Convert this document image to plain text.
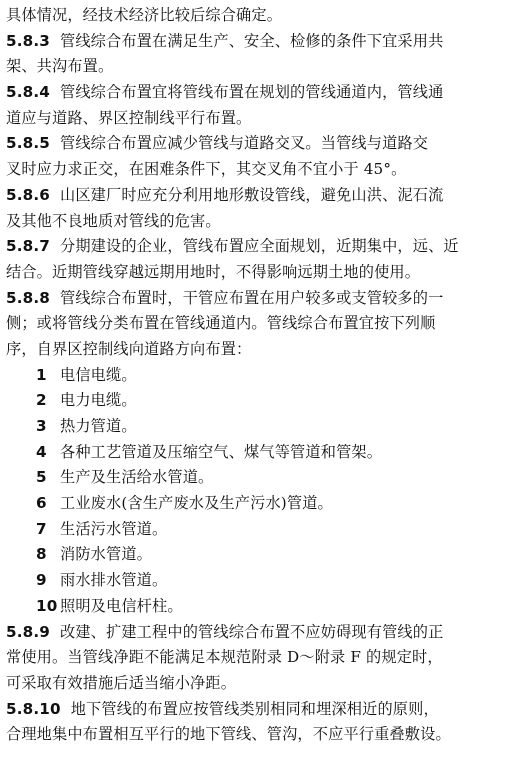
具体情况，经技术经济比较后综合确定。
5.8.3 管线综合布置在满足生产、安全、检修的条件下宜采用共
架、共沟布置。
5.8.4 管线综合布置宜将管线布置在规划的管线通道内，管线通
道应与道路、界区控制线平行布置。
5.8.5 管线综合布置应减少管线与道路交叉。当管线与道路交
叉时应力求正交，在困难条件下，其交叉角不宜小于 45°。
5.8.6 山区建厂时应充分利用地形敷设管线，避免山洪、泥石流
及其他不良地质对管线的危害。
5.8.7 分期建设的企业，管线布置应全面规划，近期集中，远、近
结合。近期管线穿越远期用地时，不得影响远期土地的使用。
5.8.8 管线综合布置时，干管应布置在用户较多或支管较多的一
侧；或将管线分类布置在管线通道内。管线综合布置宜按下列顺
序，自界区控制线向道路方向布置：
1 电信电缆。
2 电力电缆。
3 热力管道。
4 各种工艺管道及压缩空气、煤气等管道和管架。
5 生产及生活给水管道。
6 工业废水(含生产废水及生产污水)管道。
7 生活污水管道。
8 消防水管道。
9 雨水排水管道。
10 照明及电信杆柱。
5.8.9 改建、扩建工程中的管线综合布置不应妨碍现有管线的正
常使用。当管线净距不能满足本规范附录 D～附录 F 的规定时，
可采取有效措施后适当缩小净距。
5.8.10 地下管线的布置应按管线类别相同和埋深相近的原则，
合理地集中布置相互平行的地下管线、管沟，不应平行重叠敷设。
